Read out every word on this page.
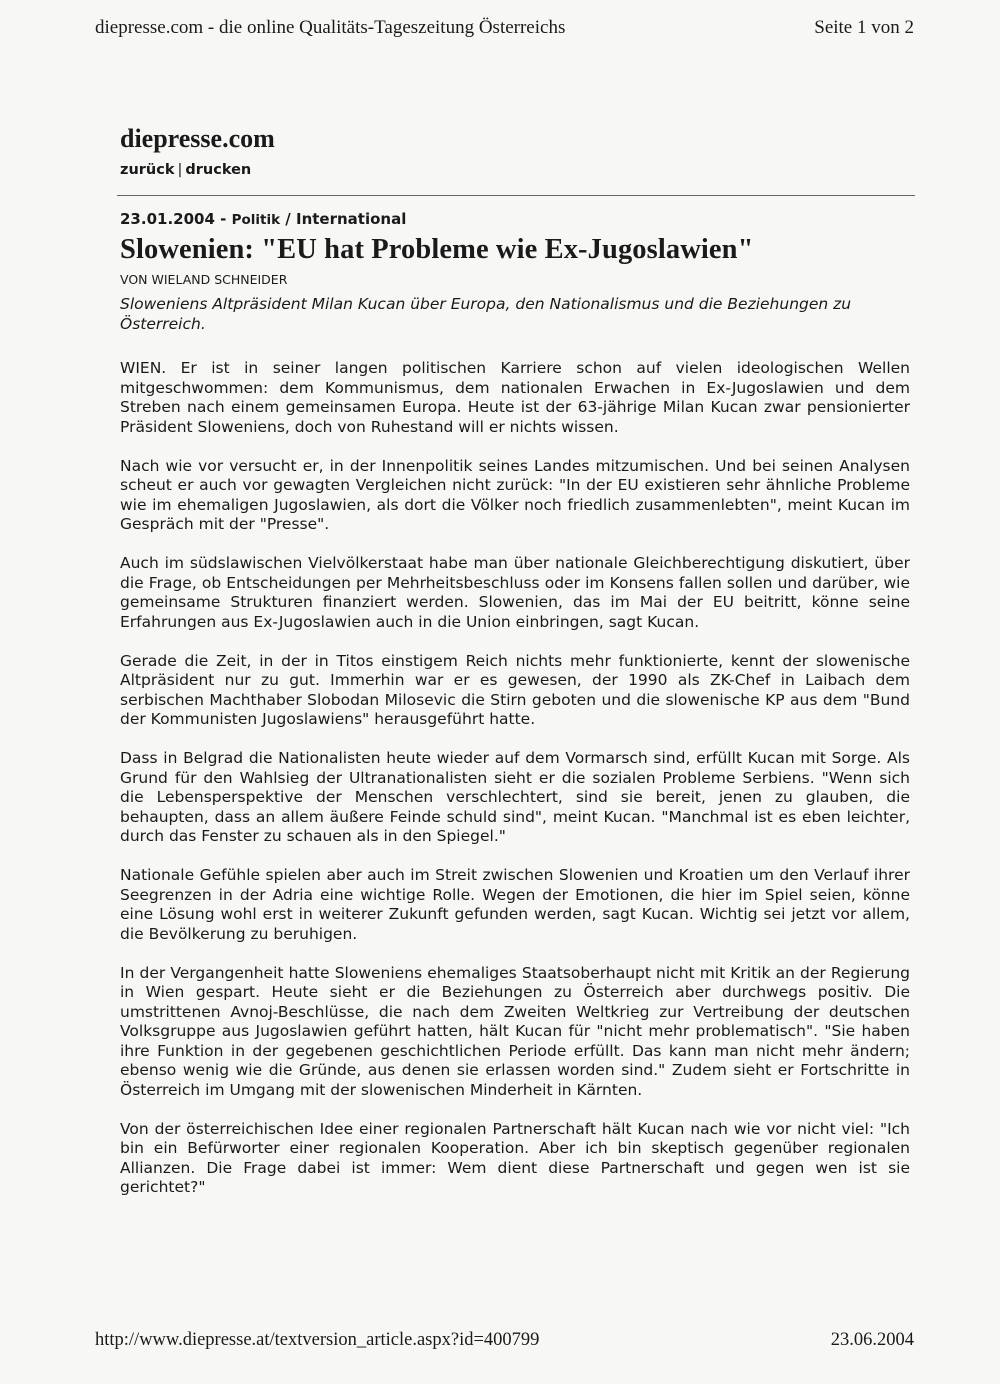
diepresse.com - die online Qualitäts-Tageszeitung Österreichs	Seite 1 von 2
diepresse.com
zurück | drucken
23.01.2004 - Politik / International
Slowenien: "EU hat Probleme wie Ex-Jugoslawien"
VON WIELAND SCHNEIDER
Sloweniens Altpräsident Milan Kucan über Europa, den Nationalismus und die Beziehungen zu Österreich.

WIEN. Er ist in seiner langen politischen Karriere schon auf vielen ideologischen Wellen mitgeschwommen: dem Kommunismus, dem nationalen Erwachen in Ex-Jugoslawien und dem Streben nach einem gemeinsamen Europa. Heute ist der 63-jährige Milan Kucan zwar pensionierter Präsident Sloweniens, doch von Ruhestand will er nichts wissen.

Nach wie vor versucht er, in der Innenpolitik seines Landes mitzumischen. Und bei seinen Analysen scheut er auch vor gewagten Vergleichen nicht zurück: "In der EU existieren sehr ähnliche Probleme wie im ehemaligen Jugoslawien, als dort die Völker noch friedlich zusammenlebten", meint Kucan im Gespräch mit der "Presse".

Auch im südslawischen Vielvölkerstaat habe man über nationale Gleichberechtigung diskutiert, über die Frage, ob Entscheidungen per Mehrheitsbeschluss oder im Konsens fallen sollen und darüber, wie gemeinsame Strukturen finanziert werden. Slowenien, das im Mai der EU beitritt, könne seine Erfahrungen aus Ex-Jugoslawien auch in die Union einbringen, sagt Kucan.

Gerade die Zeit, in der in Titos einstigem Reich nichts mehr funktionierte, kennt der slowenische Altpräsident nur zu gut. Immerhin war er es gewesen, der 1990 als ZK-Chef in Laibach dem serbischen Machthaber Slobodan Milosevic die Stirn geboten und die slowenische KP aus dem "Bund der Kommunisten Jugoslawiens" herausgeführt hatte.

Dass in Belgrad die Nationalisten heute wieder auf dem Vormarsch sind, erfüllt Kucan mit Sorge. Als Grund für den Wahlsieg der Ultranationalisten sieht er die sozialen Probleme Serbiens. "Wenn sich die Lebensperspektive der Menschen verschlechtert, sind sie bereit, jenen zu glauben, die behaupten, dass an allem äußere Feinde schuld sind", meint Kucan. "Manchmal ist es eben leichter, durch das Fenster zu schauen als in den Spiegel."

Nationale Gefühle spielen aber auch im Streit zwischen Slowenien und Kroatien um den Verlauf ihrer Seegrenzen in der Adria eine wichtige Rolle. Wegen der Emotionen, die hier im Spiel seien, könne eine Lösung wohl erst in weiterer Zukunft gefunden werden, sagt Kucan. Wichtig sei jetzt vor allem, die Bevölkerung zu beruhigen.

In der Vergangenheit hatte Sloweniens ehemaliges Staatsoberhaupt nicht mit Kritik an der Regierung in Wien gespart. Heute sieht er die Beziehungen zu Österreich aber durchwegs positiv. Die umstrittenen Avnoj-Beschlüsse, die nach dem Zweiten Weltkrieg zur Vertreibung der deutschen Volksgruppe aus Jugoslawien geführt hatten, hält Kucan für "nicht mehr problematisch". "Sie haben ihre Funktion in der gegebenen geschichtlichen Periode erfüllt. Das kann man nicht mehr ändern; ebenso wenig wie die Gründe, aus denen sie erlassen worden sind." Zudem sieht er Fortschritte in Österreich im Umgang mit der slowenischen Minderheit in Kärnten.

Von der österreichischen Idee einer regionalen Partnerschaft hält Kucan nach wie vor nicht viel: "Ich bin ein Befürworter einer regionalen Kooperation. Aber ich bin skeptisch gegenüber regionalen Allianzen. Die Frage dabei ist immer: Wem dient diese Partnerschaft und gegen wen ist sie gerichtet?"

http://www.diepresse.at/textversion_article.aspx?id=400799	23.06.2004
